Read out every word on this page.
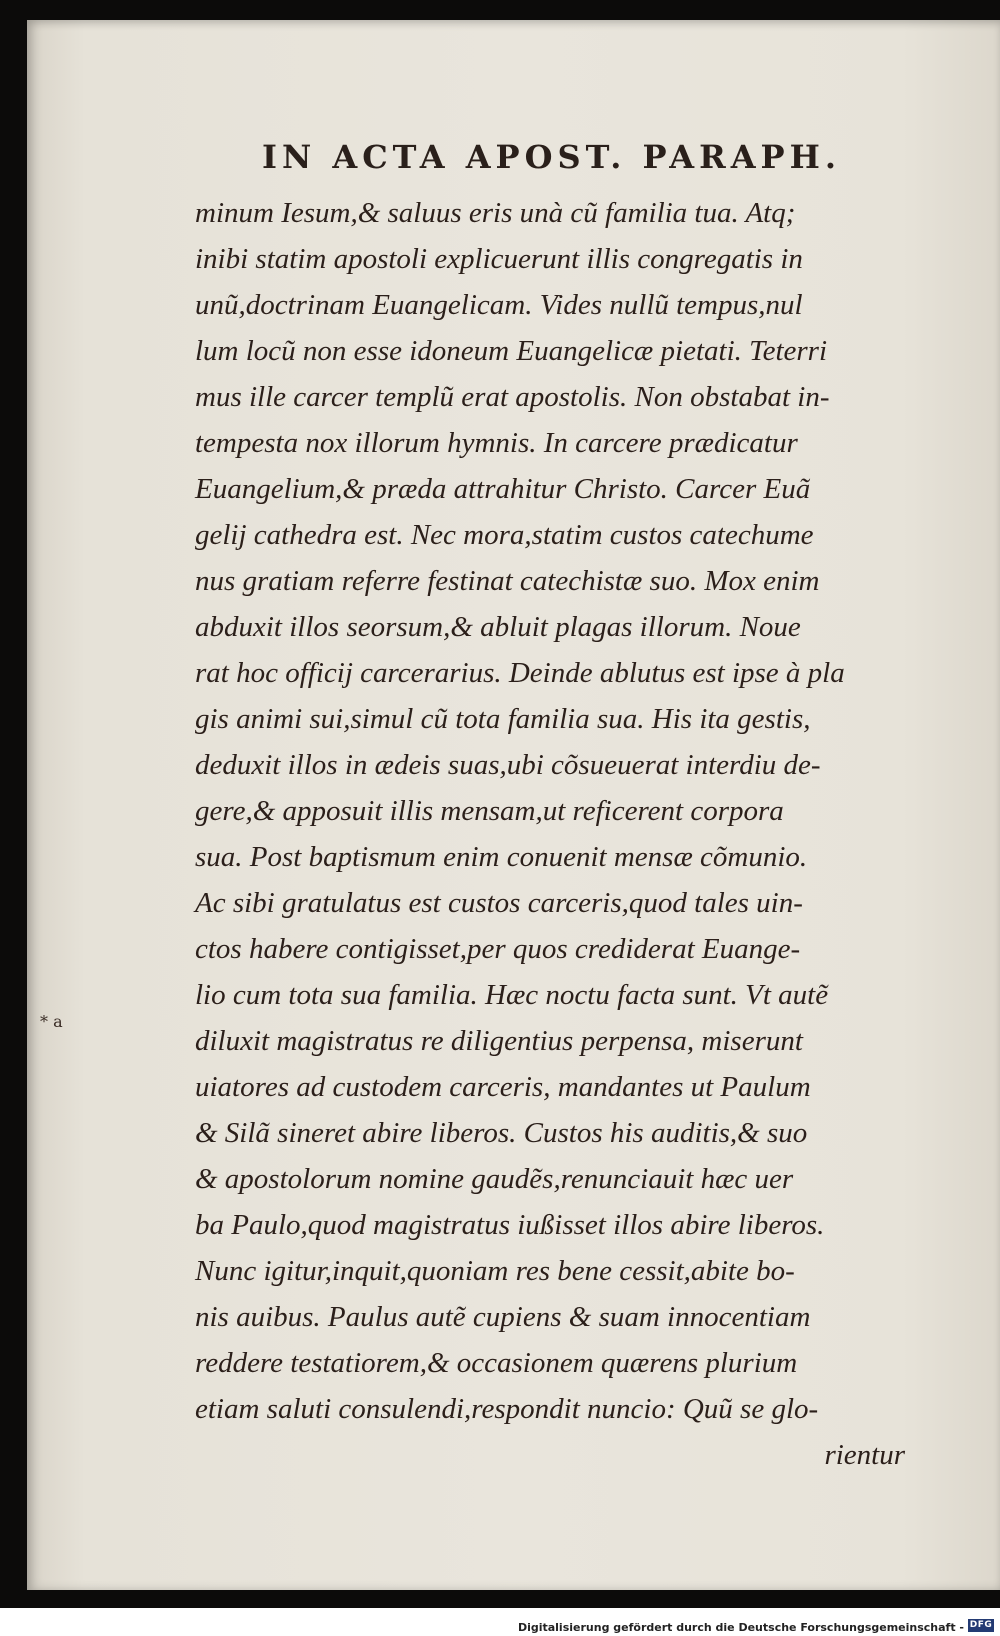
IN ACTA APOST. PARAPH.
minum Iesum,& saluus eris unà cũ familia tua. Atq;
inibi statim apostoli explicuerunt illis congregatis in
unũ,doctrinam Euangelicam. Vides nullũ tempus,nul
lum locũ non esse idoneum Euangelicæ pietati. Teterri
mus ille carcer templũ erat apostolis. Non obstabat in-
tempesta nox illorum hymnis. In carcere prædicatur
Euangelium,& præda attrahitur Christo. Carcer Euã
gelij cathedra est. Nec mora,statim custos catechume
nus gratiam referre festinat catechistæ suo. Mox enim
abduxit illos seorsum,& abluit plagas illorum. Noue
rat hoc officij carcerarius. Deinde ablutus est ipse à pla
gis animi sui,simul cũ tota familia sua. His ita gestis,
deduxit illos in ædeis suas,ubi cõsueuerat interdiu de-
gere,& apposuit illis mensam,ut reficerent corpora
sua. Post baptismum enim conuenit mensæ cõmunio.
Ac sibi gratulatus est custos carceris,quod tales uin-
ctos habere contigisset,per quos crediderat Euange-
lio cum tota sua familia. Hæc noctu facta sunt. Vt autẽ
diluxit magistratus re diligentius perpensa, miserunt
uiatores ad custodem carceris, mandantes ut Paulum
& Silã sineret abire liberos. Custos his auditis,& suo
& apostolorum nomine gaudẽs,renunciauit hæc uer
ba Paulo,quod magistratus iußisset illos abire liberos.
Nunc igitur,inquit,quoniam res bene cessit,abite bo-
nis auibus. Paulus autẽ cupiens & suam innocentiam
reddere testatiorem,& occasionem quærens plurium
etiam saluti consulendi,respondit nuncio: Quũ se glo-
rientur
* a
Digitalisierung gefördert durch die Deutsche Forschungsgemeinschaft - DFG
